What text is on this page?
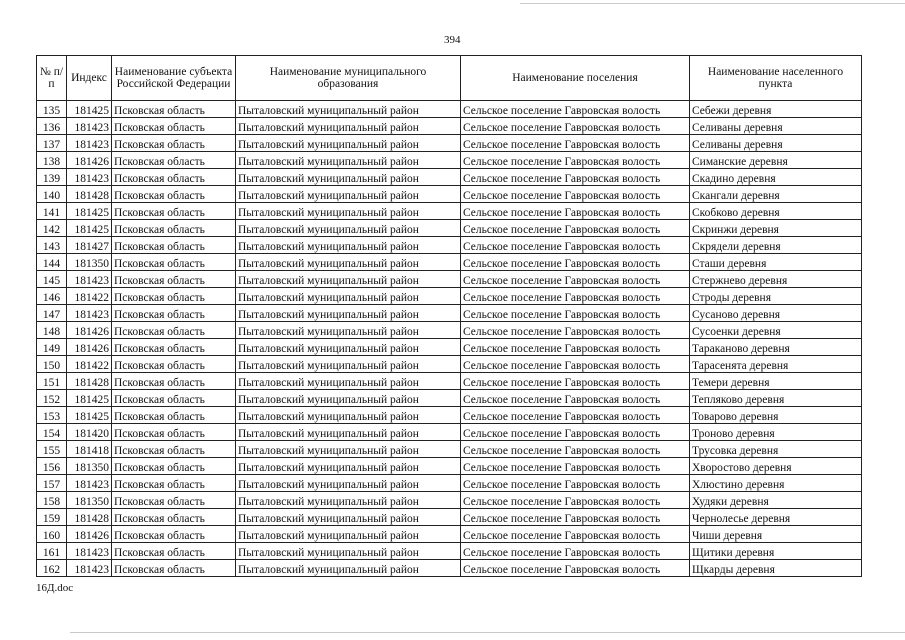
394
№ п/п	Индекс	Наименование субъекта Российской Федерации	Наименование муниципального образования	Наименование поселения	Наименование населенного пункта
135	181425	Псковская область	Пыталовский муниципальный район	Сельское поселение Гавровская волость	Себежи деревня
136	181423	Псковская область	Пыталовский муниципальный район	Сельское поселение Гавровская волость	Селиваны деревня
137	181423	Псковская область	Пыталовский муниципальный район	Сельское поселение Гавровская волость	Селиваны деревня
138	181426	Псковская область	Пыталовский муниципальный район	Сельское поселение Гавровская волость	Симанские деревня
139	181423	Псковская область	Пыталовский муниципальный район	Сельское поселение Гавровская волость	Скадино деревня
140	181428	Псковская область	Пыталовский муниципальный район	Сельское поселение Гавровская волость	Скангали деревня
141	181425	Псковская область	Пыталовский муниципальный район	Сельское поселение Гавровская волость	Скобково деревня
142	181425	Псковская область	Пыталовский муниципальный район	Сельское поселение Гавровская волость	Скринжи деревня
143	181427	Псковская область	Пыталовский муниципальный район	Сельское поселение Гавровская волость	Скрядели деревня
144	181350	Псковская область	Пыталовский муниципальный район	Сельское поселение Гавровская волость	Сташи деревня
145	181423	Псковская область	Пыталовский муниципальный район	Сельское поселение Гавровская волость	Стержнево деревня
146	181422	Псковская область	Пыталовский муниципальный район	Сельское поселение Гавровская волость	Строды деревня
147	181423	Псковская область	Пыталовский муниципальный район	Сельское поселение Гавровская волость	Сусаново деревня
148	181426	Псковская область	Пыталовский муниципальный район	Сельское поселение Гавровская волость	Сусоенки деревня
149	181426	Псковская область	Пыталовский муниципальный район	Сельское поселение Гавровская волость	Тараканово деревня
150	181422	Псковская область	Пыталовский муниципальный район	Сельское поселение Гавровская волость	Тарасенята деревня
151	181428	Псковская область	Пыталовский муниципальный район	Сельское поселение Гавровская волость	Темери деревня
152	181425	Псковская область	Пыталовский муниципальный район	Сельское поселение Гавровская волость	Тепляково деревня
153	181425	Псковская область	Пыталовский муниципальный район	Сельское поселение Гавровская волость	Товарово деревня
154	181420	Псковская область	Пыталовский муниципальный район	Сельское поселение Гавровская волость	Троново деревня
155	181418	Псковская область	Пыталовский муниципальный район	Сельское поселение Гавровская волость	Трусовка деревня
156	181350	Псковская область	Пыталовский муниципальный район	Сельское поселение Гавровская волость	Хворостово деревня
157	181423	Псковская область	Пыталовский муниципальный район	Сельское поселение Гавровская волость	Хлюстино деревня
158	181350	Псковская область	Пыталовский муниципальный район	Сельское поселение Гавровская волость	Худяки деревня
159	181428	Псковская область	Пыталовский муниципальный район	Сельское поселение Гавровская волость	Чернолесье деревня
160	181426	Псковская область	Пыталовский муниципальный район	Сельское поселение Гавровская волость	Чиши деревня
161	181423	Псковская область	Пыталовский муниципальный район	Сельское поселение Гавровская волость	Щитики деревня
162	181423	Псковская область	Пыталовский муниципальный район	Сельское поселение Гавровская волость	Щкарды деревня
16Д.doc
